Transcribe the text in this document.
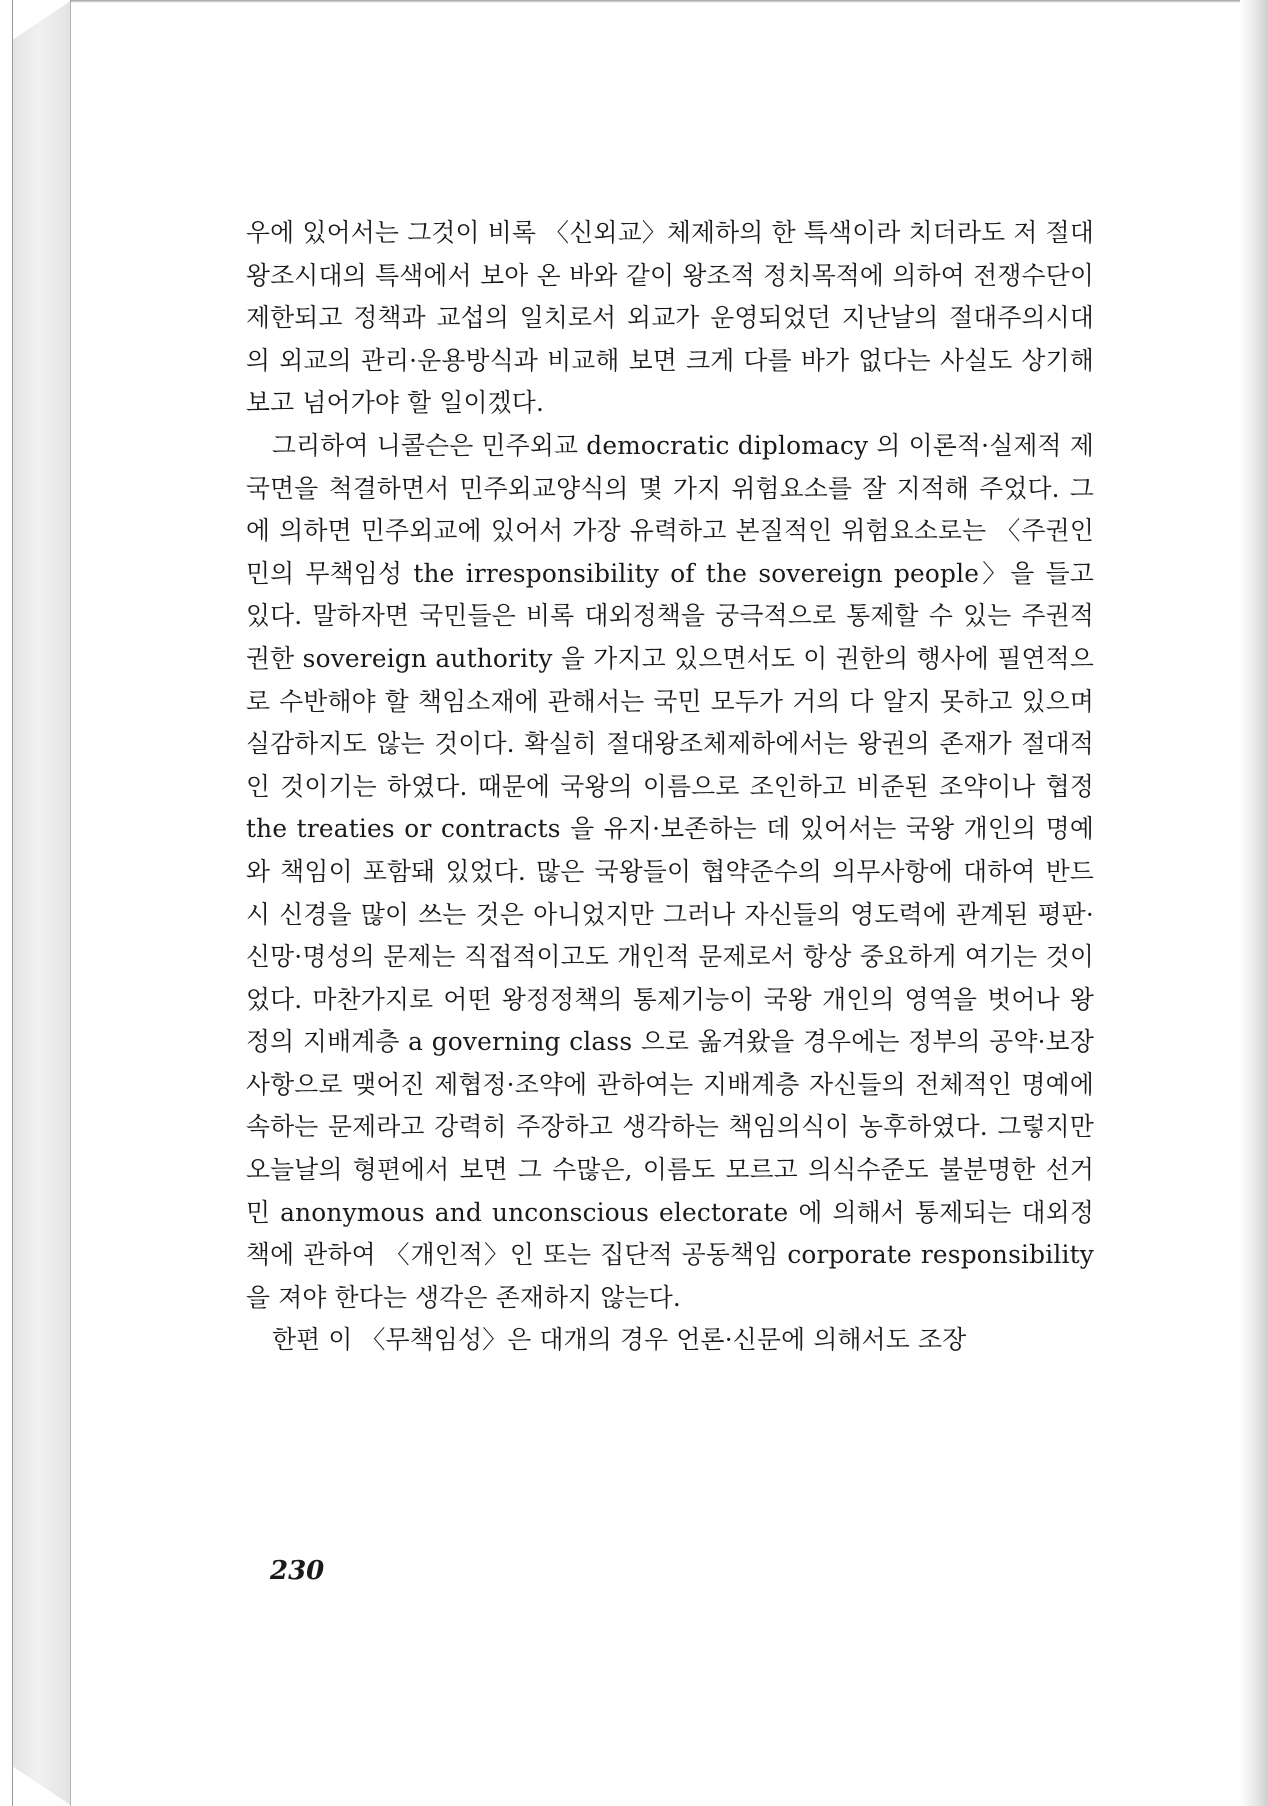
우에 있어서는 그것이 비록 〈신외교〉체제하의 한 특색이라 치더라도 저 절대왕조시대의 특색에서 보아 온 바와 같이 왕조적 정치목적에 의하여 전쟁수단이 제한되고 정책과 교섭의 일치로서 외교가 운영되었던 지난날의 절대주의시대의 외교의 관리·운용방식과 비교해 보면 크게 다를 바가 없다는 사실도 상기해 보고 넘어가야 할 일이겠다.

그리하여 니콜슨은 민주외교 democratic diplomacy 의 이론적·실제적 제국면을 척결하면서 민주외교양식의 몇 가지 위험요소를 잘 지적해 주었다. 그에 의하면 민주외교에 있어서 가장 유력하고 본질적인 위험요소로는 〈주권인민의 무책임성 the irresponsibility of the sovereign people〉을 들고 있다. 말하자면 국민들은 비록 대외정책을 궁극적으로 통제할 수 있는 주권적 권한 sovereign authority 을 가지고 있으면서도 이 권한의 행사에 필연적으로 수반해야 할 책임소재에 관해서는 국민 모두가 거의 다 알지 못하고 있으며 실감하지도 않는 것이다. 확실히 절대왕조체제하에서는 왕권의 존재가 절대적인 것이기는 하였다. 때문에 국왕의 이름으로 조인하고 비준된 조약이나 협정 the treaties or contracts 을 유지·보존하는 데 있어서는 국왕 개인의 명예와 책임이 포함돼 있었다. 많은 국왕들이 협약준수의 의무사항에 대하여 반드시 신경을 많이 쓰는 것은 아니었지만 그러나 자신들의 영도력에 관계된 평판·신망·명성의 문제는 직접적이고도 개인적 문제로서 항상 중요하게 여기는 것이었다. 마찬가지로 어떤 왕정정책의 통제기능이 국왕 개인의 영역을 벗어나 왕정의 지배계층 a governing class 으로 옮겨왔을 경우에는 정부의 공약·보장사항으로 맺어진 제협정·조약에 관하여는 지배계층 자신들의 전체적인 명예에 속하는 문제라고 강력히 주장하고 생각하는 책임의식이 농후하였다. 그렇지만 오늘날의 형편에서 보면 그 수많은, 이름도 모르고 의식수준도 불분명한 선거민 anonymous and unconscious electorate 에 의해서 통제되는 대외정책에 관하여 〈개인적〉인 또는 집단적 공동책임 corporate responsibility을 져야 한다는 생각은 존재하지 않는다.

한편 이 〈무책임성〉은 대개의 경우 언론·신문에 의해서도 조장

230
